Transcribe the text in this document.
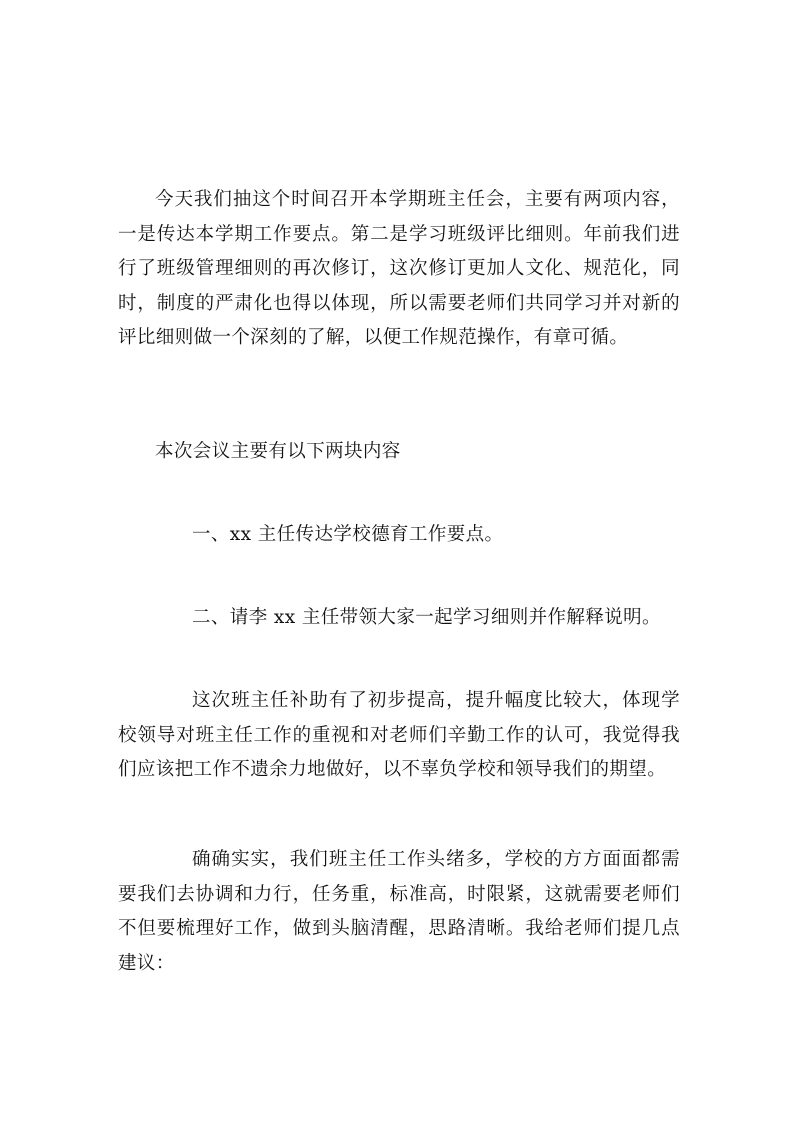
今天我们抽这个时间召开本学期班主任会，主要有两项内容，一是传达本学期工作要点。第二是学习班级评比细则。年前我们进行了班级管理细则的再次修订，这次修订更加人文化、规范化，同时，制度的严肃化也得以体现，所以需要老师们共同学习并对新的评比细则做一个深刻的了解，以便工作规范操作，有章可循。

本次会议主要有以下两块内容

一、xx 主任传达学校德育工作要点。

二、请李 xx 主任带领大家一起学习细则并作解释说明。

这次班主任补助有了初步提高，提升幅度比较大，体现学校领导对班主任工作的重视和对老师们辛勤工作的认可，我觉得我们应该把工作不遗余力地做好，以不辜负学校和领导我们的期望。

确确实实，我们班主任工作头绪多，学校的方方面面都需要我们去协调和力行，任务重，标准高，时限紧，这就需要老师们不但要梳理好工作，做到头脑清醒，思路清晰。我给老师们提几点建议：
